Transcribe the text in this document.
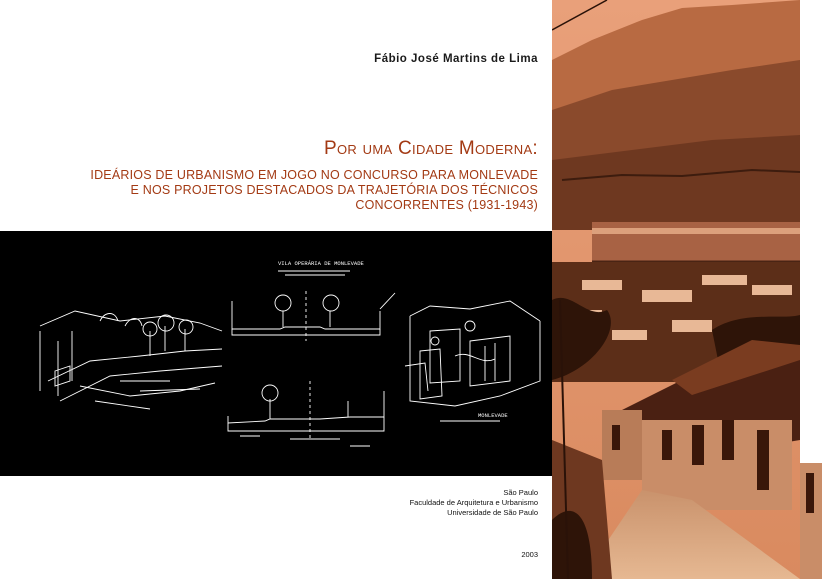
Fábio José Martins de Lima
Por uma Cidade Moderna:
IDEÁRIOS DE URBANISMO EM JOGO NO CONCURSO PARA MONLEVADE
E NOS PROJETOS DESTACADOS DA TRAJETÓRIA DOS TÉCNICOS
CONCORRENTES (1931-1943)
VILA OPERÁRIA DE MONLEVADE
MONLEVADE
São Paulo
Faculdade de Arquitetura e Urbanismo
Universidade de São Paulo
2003
